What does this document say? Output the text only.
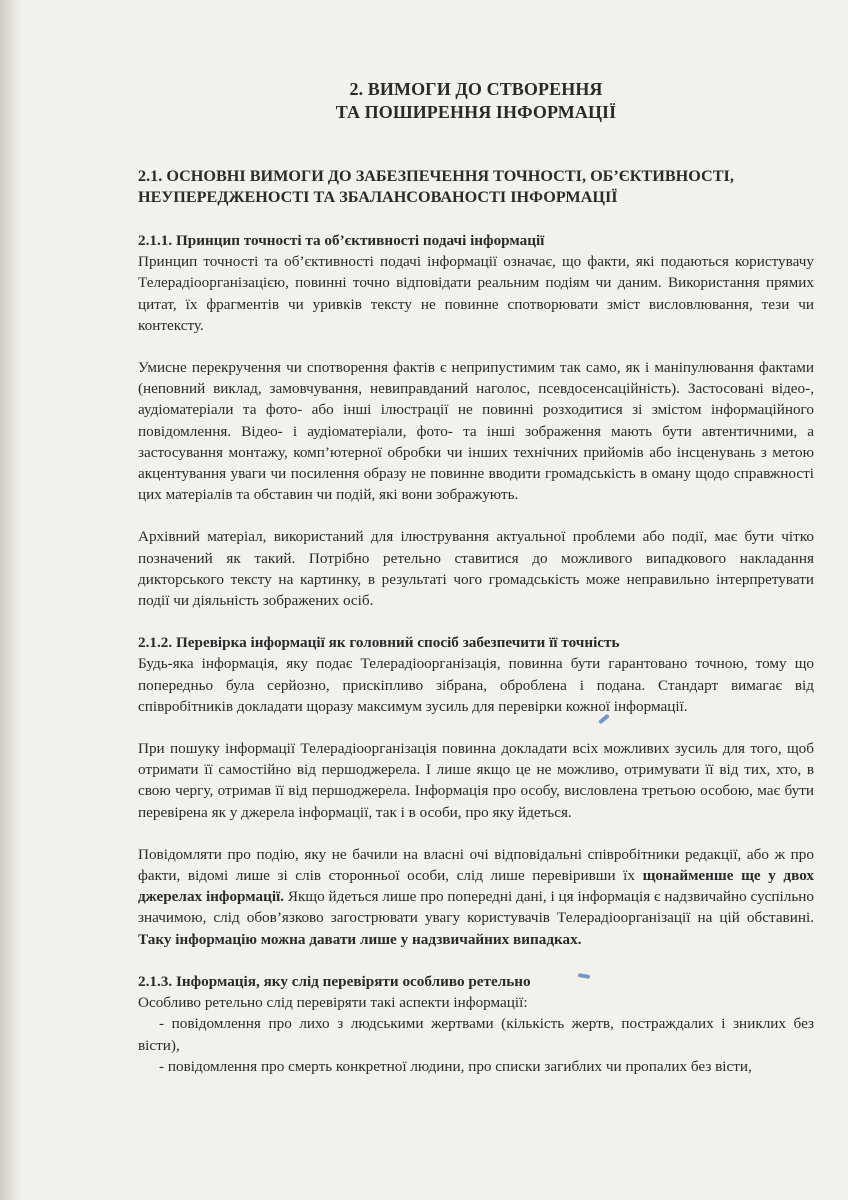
2. ВИМОГИ ДО СТВОРЕННЯ
ТА ПОШИРЕННЯ ІНФОРМАЦІЇ
2.1. ОСНОВНІ ВИМОГИ ДО ЗАБЕЗПЕЧЕННЯ ТОЧНОСТІ, ОБ’ЄКТИВНОСТІ, НЕУПЕРЕДЖЕНОСТІ ТА ЗБАЛАНСОВАНОСТІ ІНФОРМАЦІЇ
2.1.1. Принцип точності та об’єктивності подачі інформації

Принцип точності та об’єктивності подачі інформації означає, що факти, які подаються користувачу Телерадіоорганізацією, повинні точно відповідати реальним подіям чи даним. Використання прямих цитат, їх фрагментів чи уривків тексту не повинне спотворювати зміст висловлювання, тези чи контексту.

Умисне перекручення чи спотворення фактів є неприпустимим так само, як і маніпулювання фактами (неповний виклад, замовчування, невиправданий наголос, псевдосенсаційність). Застосовані відео-, аудіоматеріали та фото- або інші ілюстрації не повинні розходитися зі змістом інформаційного повідомлення. Відео- і аудіоматеріали, фото- та інші зображення мають бути автентичними, а застосування монтажу, комп’ютерної обробки чи інших технічних прийомів або інсценувань з метою акцентування уваги чи посилення образу не повинне вводити громадськість в оману щодо справжності цих матеріалів та обставин чи подій, які вони зображують.

Архівний матеріал, використаний для ілюстрування актуальної проблеми або події, має бути чітко позначений як такий. Потрібно ретельно ставитися до можливого випадкового накладання дикторського тексту на картинку, в результаті чого громадськість може неправильно інтерпретувати події чи діяльність зображених осіб.

2.1.2. Перевірка інформації як головний спосіб забезпечити її точність

Будь-яка інформація, яку подає Телерадіоорганізація, повинна бути гарантовано точною, тому що попередньо була серйозно, прискіпливо зібрана, оброблена і подана. Стандарт вимагає від співробітників докладати щоразу максимум зусиль для перевірки кожної інформації.

При пошуку інформації Телерадіоорганізація повинна докладати всіх можливих зусиль для того, щоб отримати її самостійно від першоджерела. І лише якщо це не можливо, отримувати її від тих, хто, в свою чергу, отримав її від першоджерела. Інформація про особу, висловлена третьою особою, має бути перевірена як у джерела інформації, так і в особи, про яку йдеться.

Повідомляти про подію, яку не бачили на власні очі відповідальні співробітники редакції, або ж про факти, відомі лише зі слів сторонньої особи, слід лише перевіривши їх щонайменше ще у двох джерелах інформації. Якщо йдеться лише про попередні дані, і ця інформація є надзвичайно суспільно значимою, слід обов’язково загострювати увагу користувачів Телерадіоорганізації на цій обставині. Таку інформацію можна давати лише у надзвичайних випадках.

2.1.3. Інформація, яку слід перевіряти особливо ретельно

Особливо ретельно слід перевіряти такі аспекти інформації:

- повідомлення про лихо з людськими жертвами (кількість жертв, постраждалих і зниклих без вісти),

- повідомлення про смерть конкретної людини, про списки загиблих чи пропалих без вісти,
